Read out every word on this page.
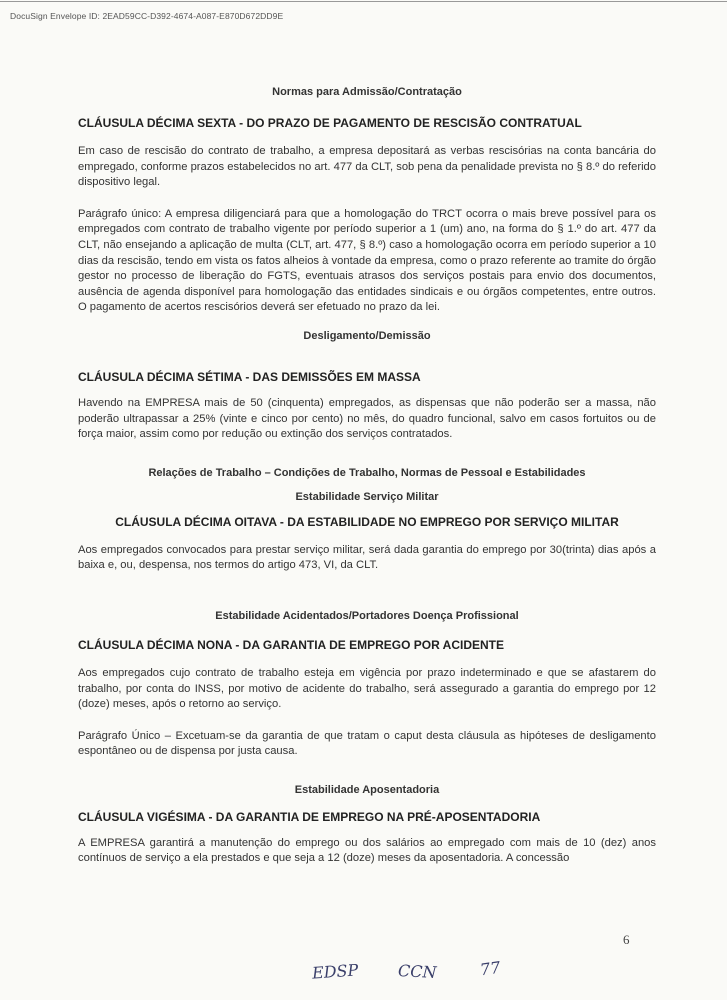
DocuSign Envelope ID: 2EAD59CC-D392-4674-A087-E870D672DD9E
Normas para Admissão/Contratação
CLÁUSULA DÉCIMA SEXTA - DO PRAZO DE PAGAMENTO DE RESCISÃO CONTRATUAL

Em caso de rescisão do contrato de trabalho, a empresa depositará as verbas rescisórias na conta bancária do empregado, conforme prazos estabelecidos no art. 477 da CLT, sob pena da penalidade prevista no § 8.º do referido dispositivo legal.

Parágrafo único: A empresa diligenciará para que a homologação do TRCT ocorra o mais breve possível para os empregados com contrato de trabalho vigente por período superior a 1 (um) ano, na forma do § 1.º do art. 477 da CLT, não ensejando a aplicação de multa (CLT, art. 477, § 8.º) caso a homologação ocorra em período superior a 10 dias da rescisão, tendo em vista os fatos alheios à vontade da empresa, como o prazo referente ao tramite do órgão gestor no processo de liberação do FGTS, eventuais atrasos dos serviços postais para envio dos documentos, ausência de agenda disponível para homologação das entidades sindicais e ou órgãos competentes, entre outros. O pagamento de acertos rescisórios deverá ser efetuado no prazo da lei.

Desligamento/Demissão
CLÁUSULA DÉCIMA SÉTIMA - DAS DEMISSÕES EM MASSA

Havendo na EMPRESA mais de 50 (cinquenta) empregados, as dispensas que não poderão ser a massa, não poderão ultrapassar a 25% (vinte e cinco por cento) no mês, do quadro funcional, salvo em casos fortuitos ou de força maior, assim como por redução ou extinção dos serviços contratados.

Relações de Trabalho – Condições de Trabalho, Normas de Pessoal e Estabilidades
Estabilidade Serviço Militar
CLÁUSULA DÉCIMA OITAVA - DA ESTABILIDADE NO EMPREGO POR SERVIÇO MILITAR

Aos empregados convocados para prestar serviço militar, será dada garantia do emprego por 30(trinta) dias após a baixa e, ou, despensa, nos termos do artigo 473, VI, da CLT.

Estabilidade Acidentados/Portadores Doença Profissional
CLÁUSULA DÉCIMA NONA - DA GARANTIA DE EMPREGO POR ACIDENTE

Aos empregados cujo contrato de trabalho esteja em vigência por prazo indeterminado e que se afastarem do trabalho, por conta do INSS, por motivo de acidente do trabalho, será assegurado a garantia do emprego por 12 (doze) meses, após o retorno ao serviço.

Parágrafo Único – Excetuam-se da garantia de que tratam o caput desta cláusula as hipóteses de desligamento espontâneo ou de dispensa por justa causa.

Estabilidade Aposentadoria
CLÁUSULA VIGÉSIMA - DA GARANTIA DE EMPREGO NA PRÉ-APOSENTADORIA

A EMPRESA garantirá a manutenção do emprego ou dos salários ao empregado com mais de 10 (dez) anos contínuos de serviço a ela prestados e que seja a 12 (doze) meses da aposentadoria. A concessão

6
EDSP CCN	77
